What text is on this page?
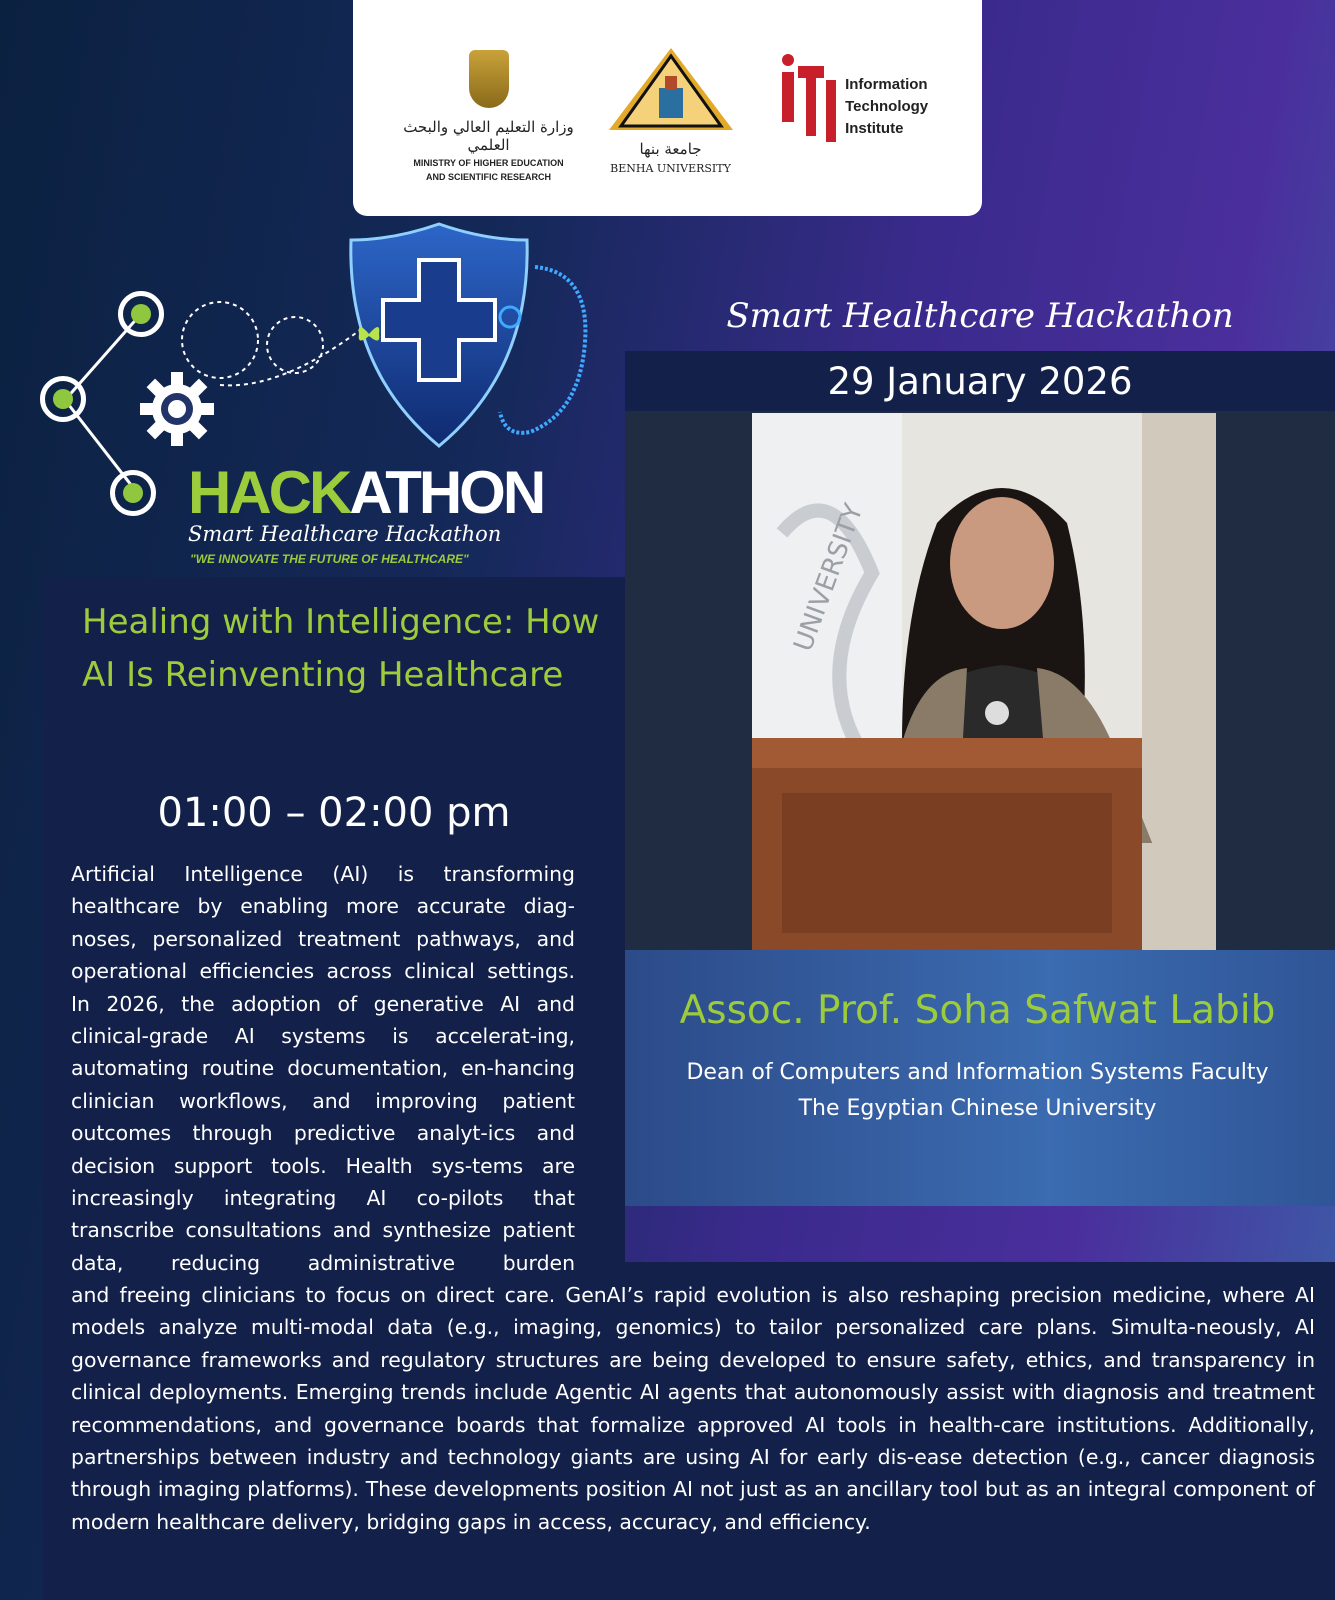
وزارة التعليم العالي والبحث العلمي
MINISTRY OF HIGHER EDUCATION
AND SCIENTIFIC RESEARCH
جامعة بنها
BENHA UNIVERSITY

Information
Technology
Institute
HACKATHON
Smart Healthcare Hackathon
"WE INNOVATE THE FUTURE OF HEALTHCARE"
Smart Healthcare Hackathon
29 January 2026
UNIVERSITY
Assoc. Prof. Soha Safwat Labib
Dean of Computers and Information Systems Faculty
The Egyptian Chinese University
Healing with Intelligence: How AI Is Reinventing Healthcare
01:00 – 02:00 pm
Artificial Intelligence (AI) is transforming healthcare by enabling more accurate diag-noses, personalized treatment pathways, and operational efficiencies across clinical settings. In 2026, the adoption of generative AI and clinical-grade AI systems is accelerat-ing, automating routine documentation, en-hancing clinician workflows, and improving patient outcomes through predictive analyt-ics and decision support tools. Health sys-tems are increasingly integrating AI co-pilots that transcribe consultations and synthesize patient data, reducing administrative burden
and freeing clinicians to focus on direct care. GenAI’s rapid evolution is also reshaping precision medicine, where AI models analyze multi-modal data (e.g., imaging, genomics) to tailor personalized care plans. Simulta-neously, AI governance frameworks and regulatory structures are being developed to ensure safety, ethics, and transparency in clinical deployments. Emerging trends include Agentic AI agents that autonomously assist with diagnosis and treatment recommendations, and governance boards that formalize approved AI tools in health-care institutions. Additionally, partnerships between industry and technology giants are using AI for early dis-ease detection (e.g., cancer diagnosis through imaging platforms). These developments position AI not just as an ancillary tool but as an integral component of modern healthcare delivery, bridging gaps in access, accuracy, and efficiency.
